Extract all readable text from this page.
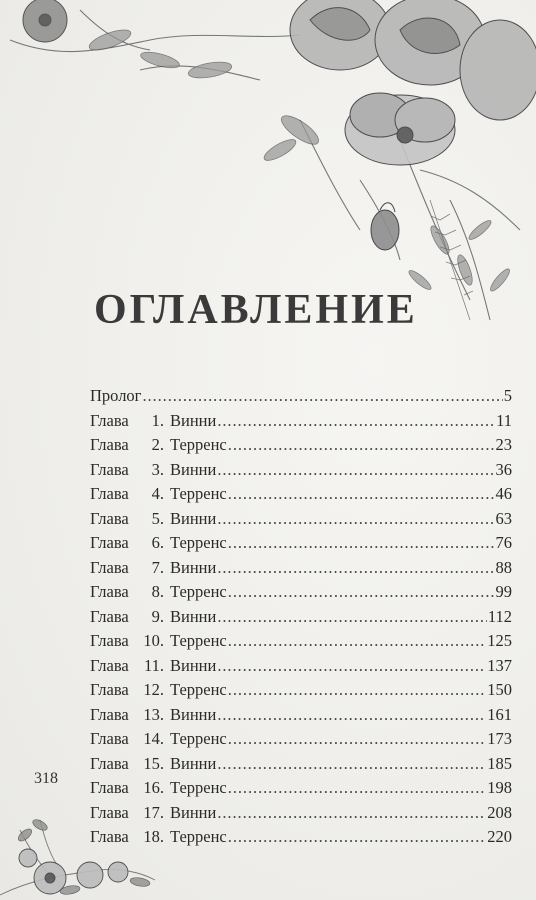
ОГЛАВЛЕНИЕ
Пролог . . .	5
Глава 1. Винни . . .	11
Глава 2. Терренс . . .	23
Глава 3. Винни . . .	36
Глава 4. Терренс . . .	46
Глава 5. Винни . . .	63
Глава 6. Терренс . . .	76
Глава 7. Винни . . .	88
Глава 8. Терренс . . .	99
Глава 9. Винни . . .	112
Глава 10. Терренс . . .	125
Глава 11. Винни . . .	137
Глава 12. Терренс . . .	150
Глава 13. Винни . . .	161
Глава 14. Терренс . . .	173
Глава 15. Винни . . .	185
Глава 16. Терренс . . .	198
Глава 17. Винни . . .	208
Глава 18. Терренс . . .	220
318
